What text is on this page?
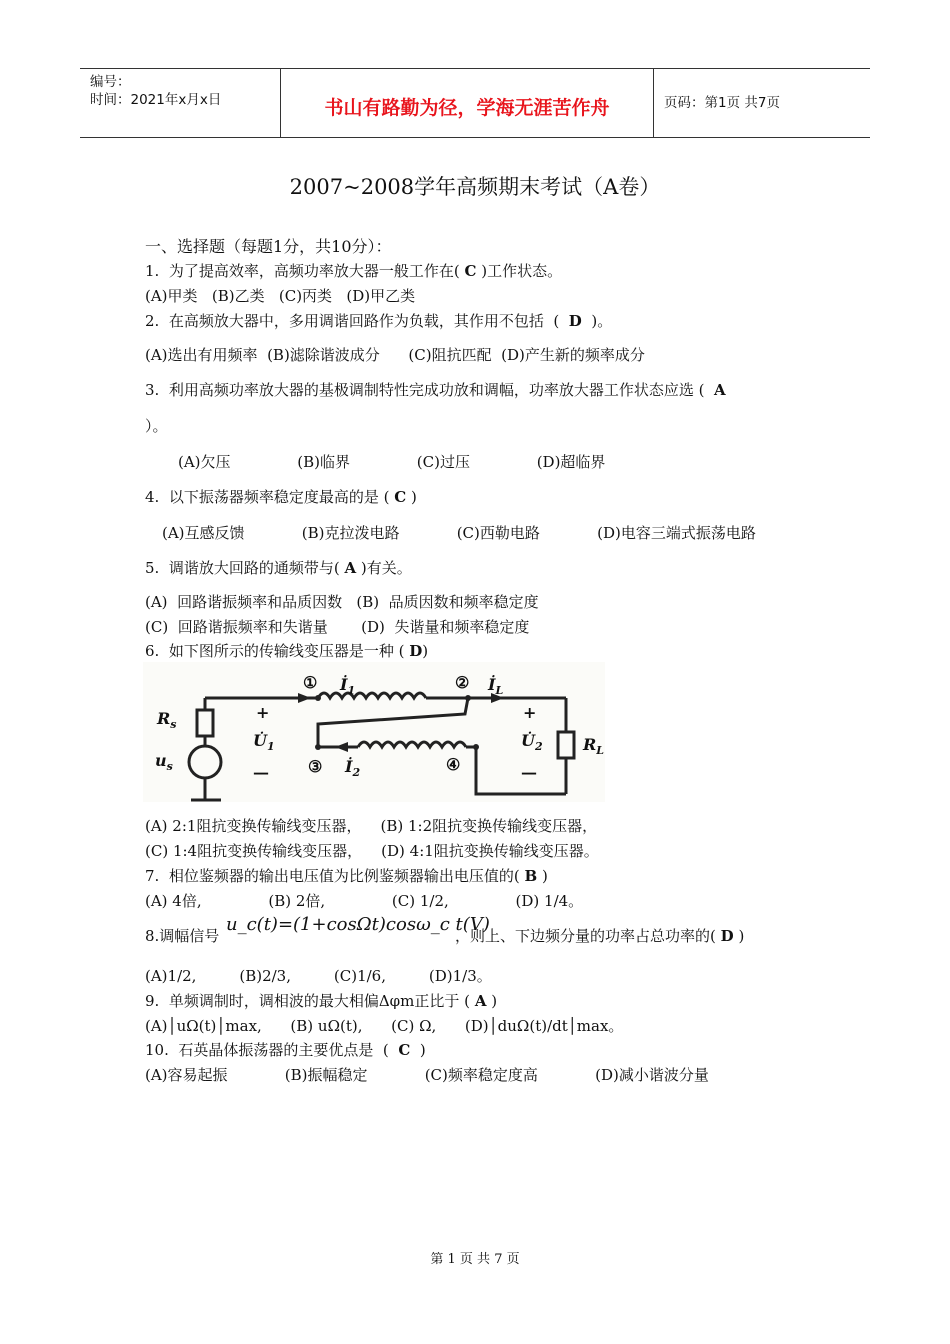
编号：
时间：2021年x月x日	书山有路勤为径，学海无涯苦作舟	页码：第1页 共7页
2007~2008学年高频期末考试（A卷）
一、选择题（每题1分，共10分）：
1.  为了提高效率，高频功率放大器一般工作在( C )工作状态。
(A)甲类   (B)乙类   (C)丙类   (D)甲乙类
2.  在高频放大器中，多用调谐回路作为负载，其作用不包括  ( D )。
(A)选出有用频率  (B)滤除谐波成分      (C)阻抗匹配  (D)产生新的频率成分
3.  利用高频功率放大器的基极调制特性完成功放和调幅，功率放大器工作状态应选 ( A
）。
(A)欠压              (B)临界              (C)过压              (D)超临界
4.  以下振荡器频率稳定度最高的是 ( C )
(A)互感反馈            (B)克拉泼电路            (C)西勒电路            (D)电容三端式振荡电路
5.  调谐放大回路的通频带与( A )有关。
(A)  回路谐振频率和品质因数   (B)  品质因数和频率稳定度
(C)  回路谐振频率和失谐量       (D)  失谐量和频率稳定度
6.  如下图所示的传输线变压器是一种 ( D)
①	②
③	④
$İ_1$	$İ_L$
$İ_2$
$R_s$
$u_s$
$R_L$
$U̇_1$	$U̇_2$
+
—
+
—
(A) 2:1阻抗变换传输线变压器，    (B) 1:2阻抗变换传输线变压器，
(C) 1:4阻抗变换传输线变压器，    (D) 4:1阻抗变换传输线变压器。
7.  相位鉴频器的输出电压值为比例鉴频器输出电压值的( B )
(A) 4倍,              (B) 2倍,              (C) 1/2,              (D) 1/4。
8.调幅信号
u_c(t)=(1+cosΩt)cosω_c t(V)
，则上、下边频分量的功率占总功率的( D )
(A)1/2,         (B)2/3,         (C)1/6,         (D)1/3。
9.  单频调制时，调相波的最大相偏Δφm正比于 ( A )
(A)│uΩ(t)│max,      (B) uΩ(t),      (C) Ω,      (D)│duΩ(t)/dt│max。
10.  石英晶体振荡器的主要优点是  ( C )
(A)容易起振            (B)振幅稳定            (C)频率稳定度高            (D)减小谐波分量
第 1 页 共 7 页
